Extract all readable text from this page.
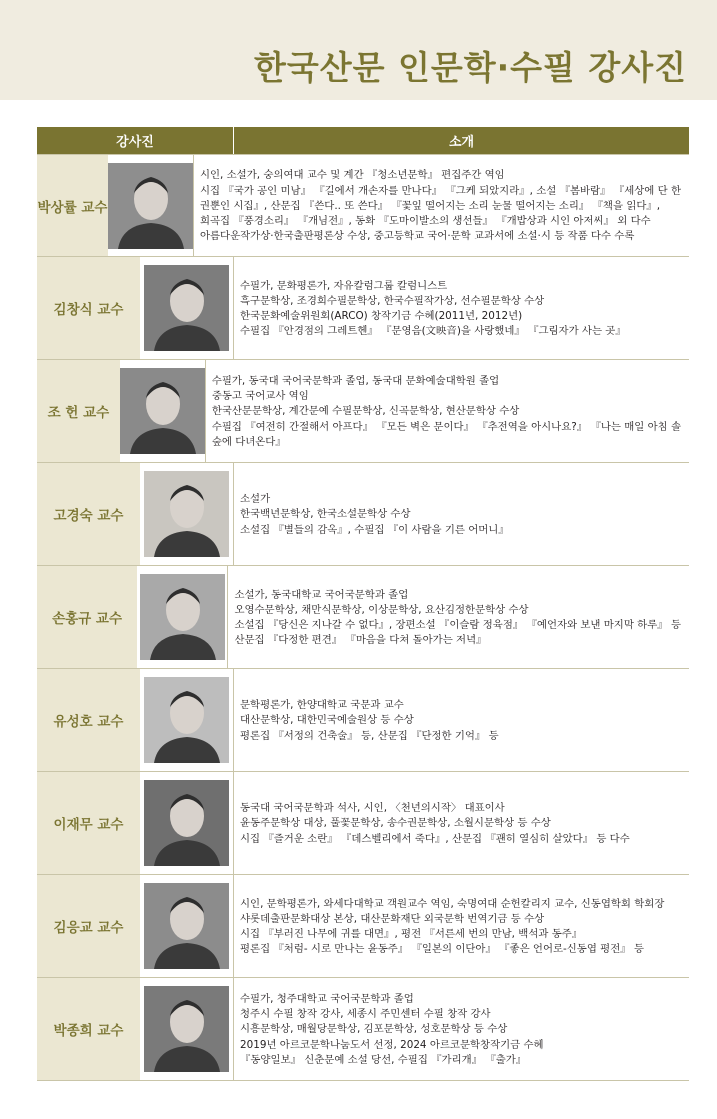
한국산문 인문학·수필 강사진
강사진	소개
박상률 교수
시인, 소설가, 숭의여대 교수 및 계간 『청소년문학』 편집주간 역임
시집 『국가 공인 미남』 『길에서 개손자를 만나다』 『그케 되았지라』, 소설 『봄바람』 『세상에 단 한
권뿐인 시집』, 산문집 『쓴다.. 또 쓴다』 『꽃잎 떨어지는 소리 눈물 떨어지는 소리』 『책을 읽다』,
희곡집 『풍경소리』 『개님전』, 동화 『도마이발소의 생선들』 『개밥상과 시인 아저씨』 외 다수
아름다운작가상·한국출판평론상 수상, 중고등학교 국어·문학 교과서에 소설·시 등 작품 다수 수록
김창식 교수
수필가, 문화평론가, 자유칼럼그룹 칼럼니스트
흑구문학상, 조경희수필문학상, 한국수필작가상, 선수필문학상 수상
한국문화예술위원회(ARCO) 창작기금 수혜(2011년, 2012년)
수필집 『안경점의 그레트헨』 『문영음(文映音)을 사랑했네』 『그림자가 사는 곳』
조 헌 교수
수필가, 동국대 국어국문학과 졸업, 동국대 문화예술대학원 졸업
중동고 국어교사 역임
한국산문문학상, 계간문예 수필문학상, 신곡문학상, 현산문학상 수상
수필집 『여전히 간절해서 아프다』 『모든 벽은 문이다』 『추전역을 아시나요?』 『나는 매일 아침 솔
숲에 다녀온다』
고경숙 교수
소설가
한국백년문학상, 한국소설문학상 수상
소설집 『별들의 감옥』, 수필집 『이 사람을 기른 어머니』
손홍규 교수
소설가, 동국대학교 국어국문학과 졸업
오영수문학상, 채만식문학상, 이상문학상, 요산김정한문학상 수상
소설집 『당신은 지나갈 수 없다』, 장편소설 『이슬람 정육점』 『예언자와 보낸 마지막 하루』 등
산문집 『다정한 편견』 『마음을 다쳐 돌아가는 저녁』
유성호 교수
문학평론가, 한양대학교 국문과 교수
대산문학상, 대한민국예술원상 등 수상
평론집 『서정의 건축술』 등, 산문집 『단정한 기억』 등
이재무 교수
동국대 국어국문학과 석사, 시인, 〈천년의시작〉 대표이사
윤동주문학상 대상, 풀꽃문학상, 송수권문학상, 소월시문학상 등 수상
시집 『즐거운 소란』 『데스벨리에서 죽다』, 산문집 『괜히 열심히 살았다』 등 다수
김응교 교수
시인, 문학평론가, 와세다대학교 객원교수 역임, 숙명여대 순헌칼리지 교수, 신동엽학회 학회장
샤롯데출판문화대상 본상, 대산문화재단 외국문학 번역기금 등 수상
시집 『부러진 나무에 귀를 대면』, 평전 『서른세 번의 만남, 백석과 동주』
평론집 『처럼- 시로 만나는 윤동주』 『일본의 이단아』 『좋은 언어로-신동엽 평전』 등
박종희 교수
수필가, 청주대학교 국어국문학과 졸업
청주시 수필 창작 강사, 세종시 주민센터 수필 창작 강사
시흥문학상, 매월당문학상, 김포문학상, 성호문학상 등 수상
2019년 아르코문학나눔도서 선정, 2024 아르코문학창작기금 수혜
『동양일보』 신춘문예 소설 당선, 수필집 『가리개』 『출가』
